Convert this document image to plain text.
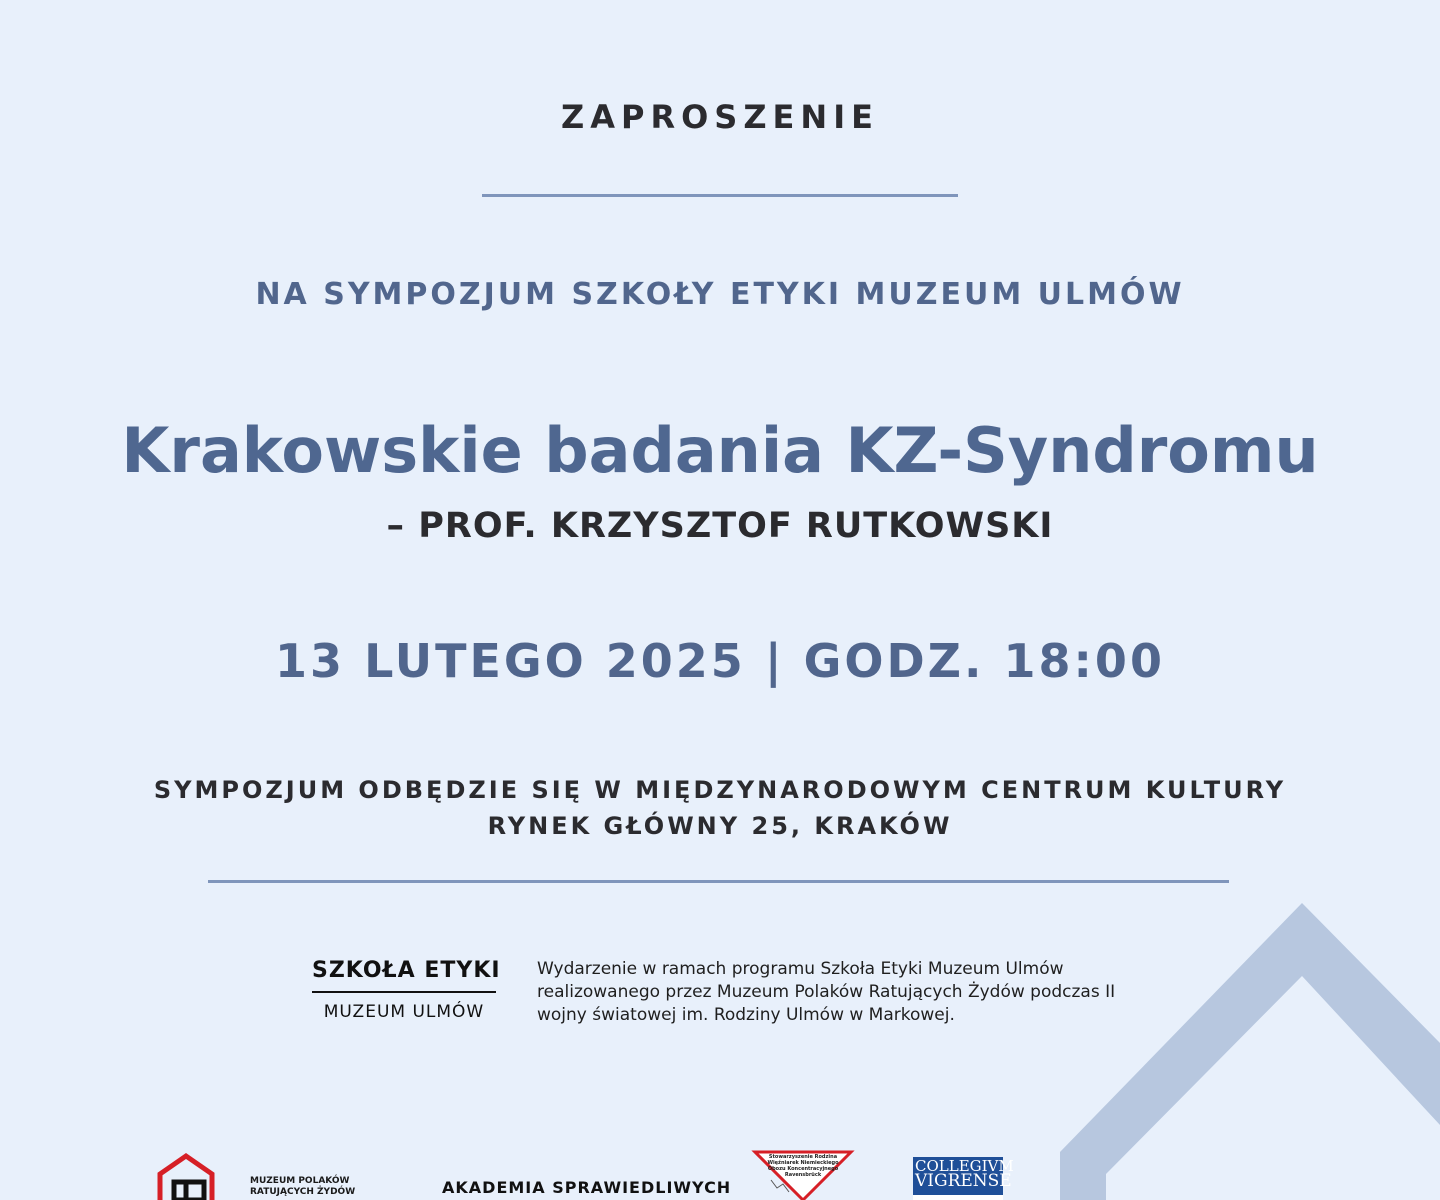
ZAPROSZENIE
NA SYMPOZJUM SZKOŁY ETYKI MUZEUM ULMÓW
Krakowskie badania KZ-Syndromu
– PROF. KRZYSZTOF RUTKOWSKI
13 LUTEGO 2025 | GODZ. 18:00
SYMPOZJUM ODBĘDZIE SIĘ W MIĘDZYNARODOWYM CENTRUM KULTURY
RYNEK GŁÓWNY 25, KRAKÓW
SZKOŁA ETYKI
MUZEUM ULMÓW
Wydarzenie w ramach programu Szkoła Etyki Muzeum Ulmów realizowanego przez Muzeum Polaków Ratujących Żydów podczas II wojny światowej im. Rodziny Ulmów w Markowej.
MUZEUM POLAKÓW
RATUJĄCYCH ŻYDÓW	AKADEMIA SPRAWIEDLIWYCH
Stowarzyszenie Rodzina Więźniarek Niemieckiego Obozu Koncentracyjnego Ravensbrück	COLLEGIVM
VIGRENSE
